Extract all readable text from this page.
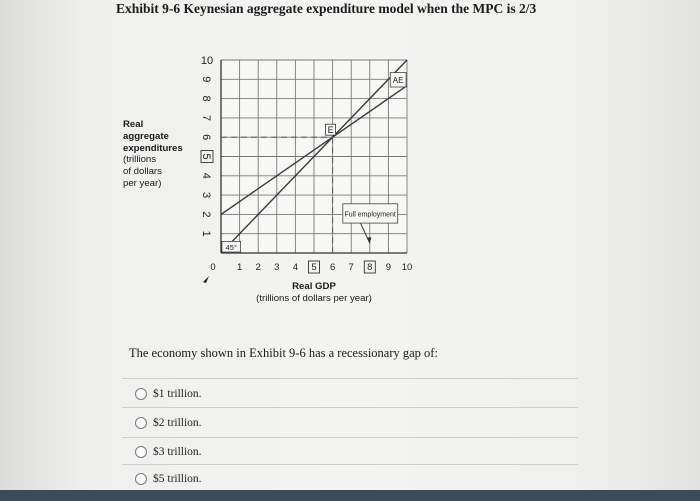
Exhibit 9-6 Keynesian aggregate expenditure model when the MPC is 2/3
Real
aggregate
expenditures
(trillions
of dollars
per year)
1
2
3
4
5
6
7
8
9
10
1 2 3 4 5 6 7 8 9 10
0
E
Full employment
AE
45°
Real GDP
(trillions of dollars per year)
The economy shown in Exhibit 9-6 has a recessionary gap of:
$1 trillion.
$2 trillion.
$3 trillion.
$5 trillion.
